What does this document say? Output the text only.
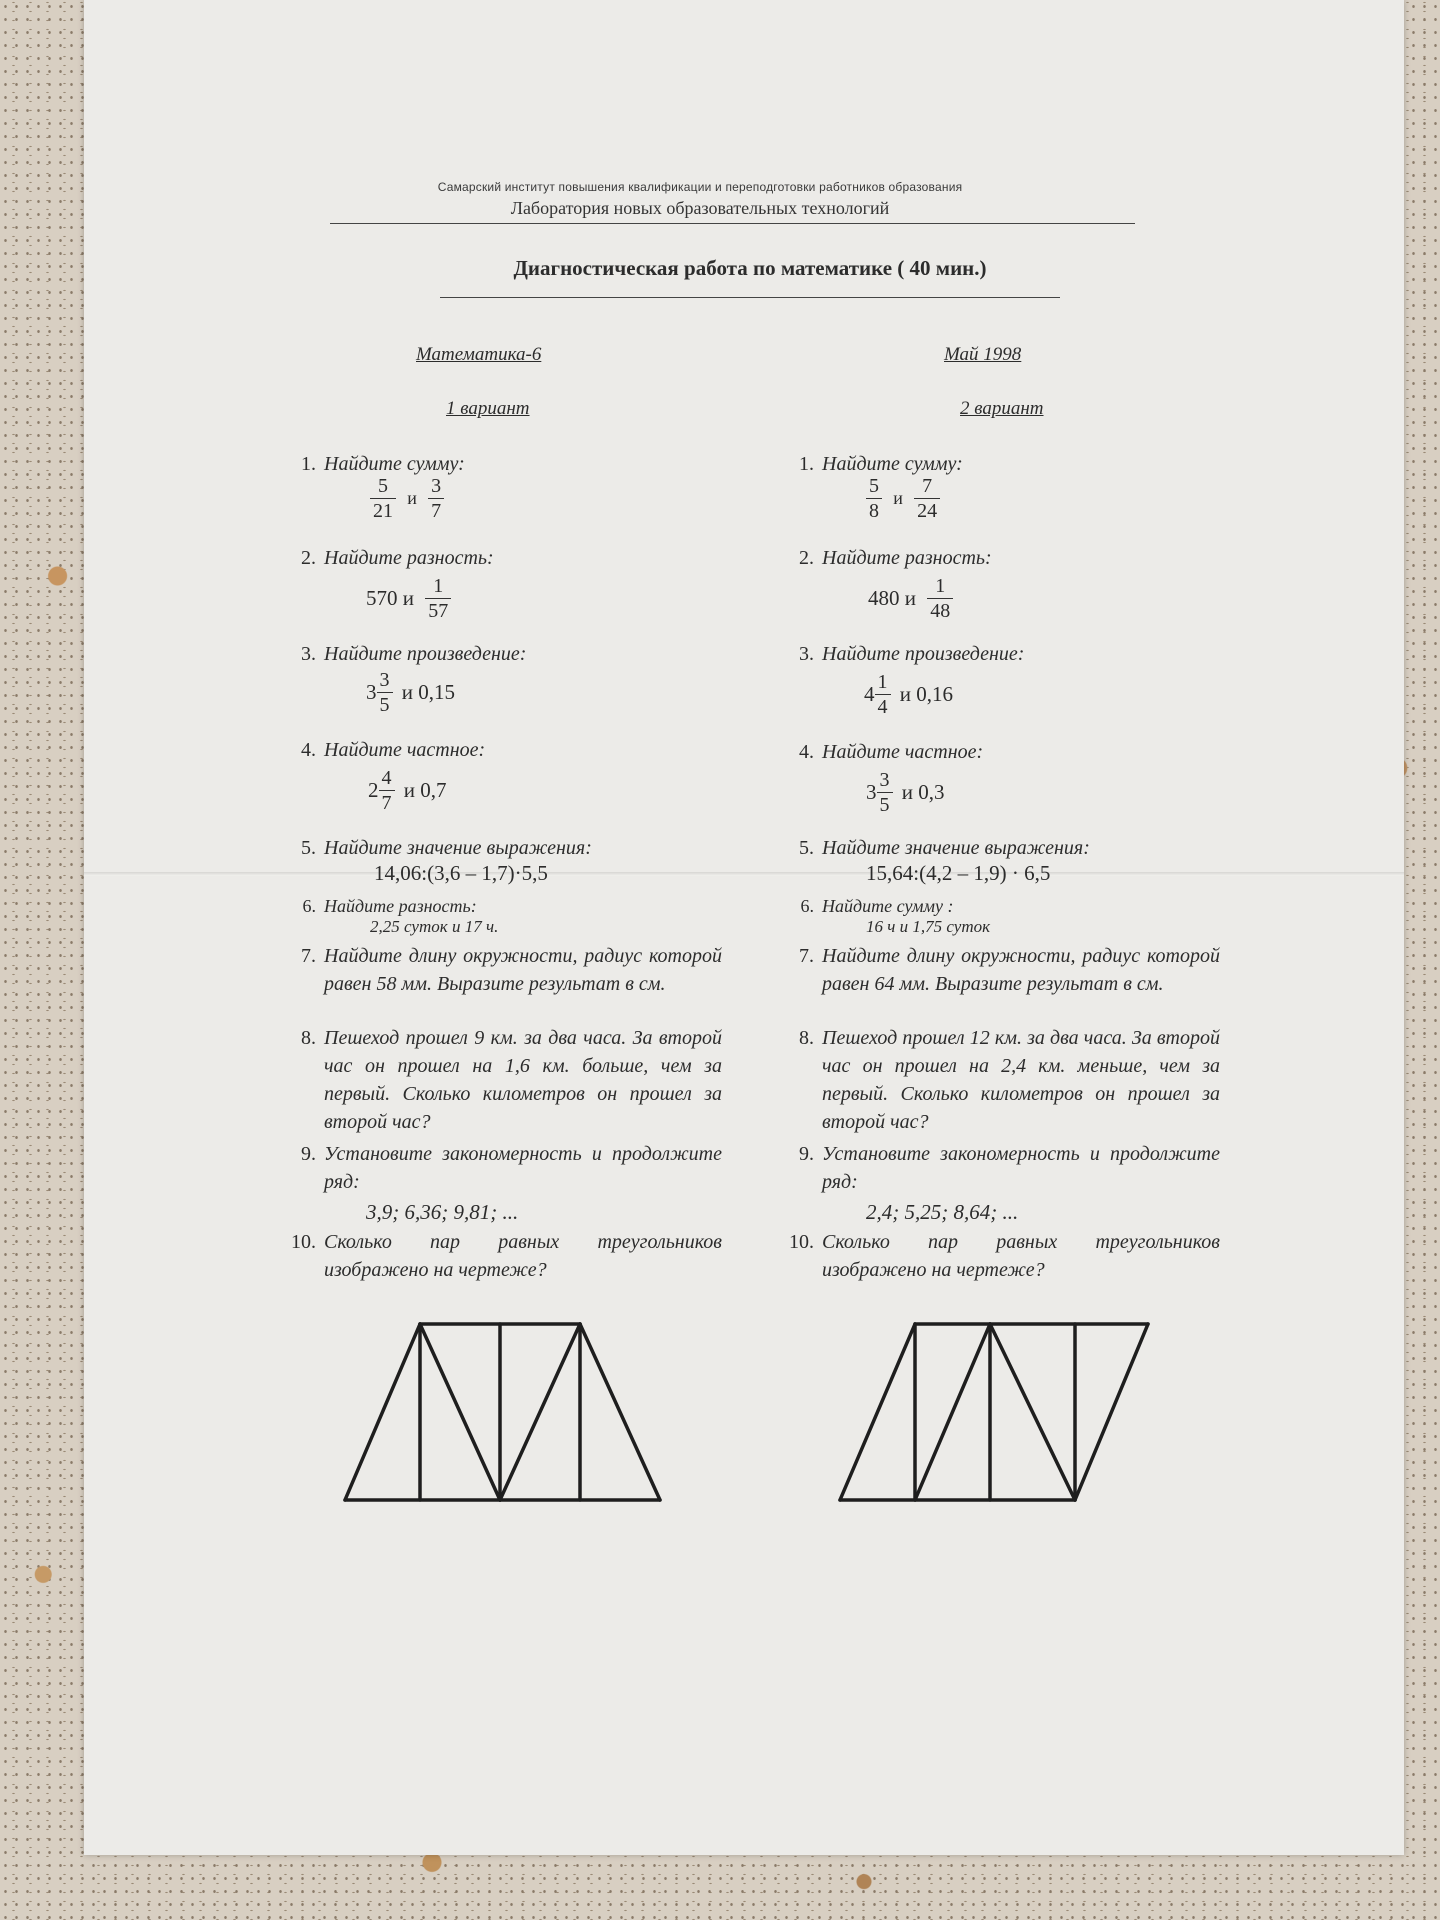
Самарский институт повышения квалификации и переподготовки работников образования
Лаборатория новых образовательных технологий
Диагностическая работа по математике ( 40 мин.)
Математика-6	Май 1998
1 вариант	2 вариант
1. Найдите сумму:
$\frac{5}{21}$ и $\frac{3}{7}$
2. Найдите разность:
570 и $\frac{1}{57}$
3. Найдите произведение:
$3 \frac{3}{5}$ и 0,15
4. Найдите частное:
$2 \frac{4}{7}$ и 0,7
5. Найдите значение выражения:
14,06:(3,6 – 1,7)·5,5
6. Найдите разность:
2,25 суток и 17 ч.
7. Найдите длину окружности, радиус которой равен 58 мм. Выразите результат в см.
8. Пешеход прошел 9 км. за два часа. За второй час он прошел на 1,6 км. больше, чем за первый. Сколько километров он прошел за второй час?
9. Установите закономерность и продолжите ряд:
3,9; 6,36; 9,81; ...
10. Сколько пар равных треугольников изображено на чертеже?
1. Найдите сумму:
$\frac{5}{8}$ и $\frac{7}{24}$
2. Найдите разность:
480 и $\frac{1}{48}$
3. Найдите произведение:
$4 \frac{1}{4}$ и 0,16
4. Найдите частное:
$3 \frac{3}{5}$ и 0,3
5. Найдите значение выражения:
15,64:(4,2 – 1,9) · 6,5
6. Найдите сумму :
16 ч и 1,75 суток
7. Найдите длину окружности, радиус которой равен 64 мм. Выразите результат в см.
8. Пешеход прошел 12 км. за два часа. За второй час он прошел на 2,4 км. меньше, чем за первый. Сколько километров он прошел за второй час?
9. Установите закономерность и продолжите ряд:
2,4; 5,25; 8,64; ...
10. Сколько пар равных треугольников изображено на чертеже?
